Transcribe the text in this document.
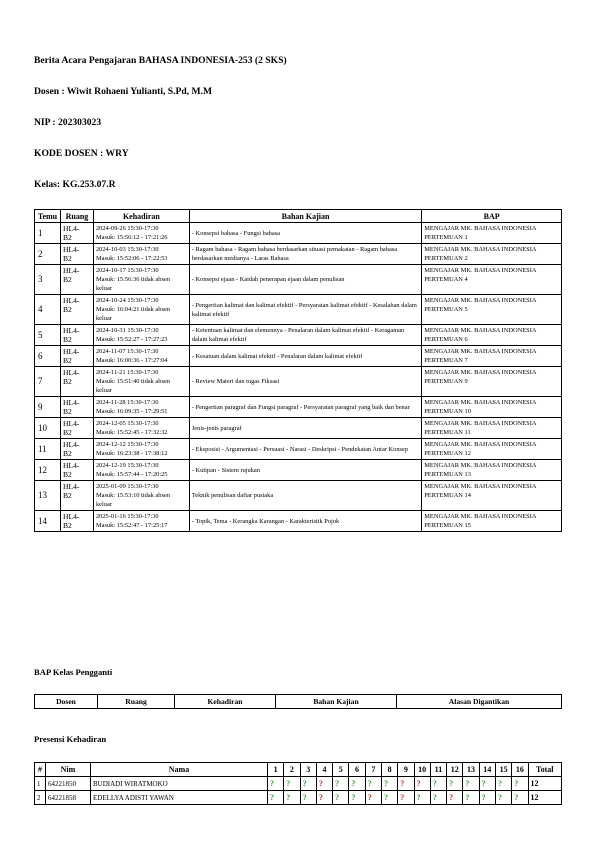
Berita Acara Pengajaran BAHASA INDONESIA-253 (2 SKS)
Dosen : Wiwit Rohaeni Yulianti, S.Pd, M.M
NIP : 202303023
KODE DOSEN : WRY
Kelas: KG.253.07.R
Temu	Ruang	Kehadiran	Bahan Kajian	BAP
1	HL4-
B2	2024-09-26 15:30-17:30
Masuk: 15:56:12 - 17:21:26	- Konsepsi bahasa - Fungsi bahasa	MENGAJAR MK. BAHASA INDONESIA
PERTEMUAN 1

2	HL4-
B2	2024-10-03 15:30-17:30
Masuk: 15:52:06 - 17:22:53	- Ragam bahasa - Ragam bahasa berdasarkan situasi pemakaian - Ragam bahasa berdasarkan medianya - Laras Bahasa	MENGAJAR MK. BAHASA INDONESIA
PERTEMUAN 2

3	HL4-
B2	2024-10-17 15:30-17:30
Masuk: 15:56:36 tidak absen keluar	- Konsepsi ejaan - Kaidah penerapan ejaan dalam penulisan	MENGAJAR MK. BAHASA INDONESIA
PERTEMUAN 4

4	HL4-
B2	2024-10-24 15:30-17:30
Masuk: 16:04:21 tidak absen keluar	- Pengertian kalimat dan kalimat efektif - Persyaratan kalimat efektif - Kesalahan dalam kalimat efektif	MENGAJAR MK. BAHASA INDONESIA
PERTEMUAN 5

5	HL4-
B2	2024-10-31 15:30-17:30
Masuk: 15:52:27 - 17:27:23	- Ketentuan kalimat dan elemennya - Penalaran dalam kalimat efektif - Keragaman dalam kalimat efektif	MENGAJAR MK. BAHASA INDONESIA
PERTEMUAN 6

6	HL4-
B2	2024-11-07 15:30-17:30
Masuk: 16:00:36 - 17:27:04	- Kesatuan dalam kalimat efektif - Penalaran dalam kalimat efektif	MENGAJAR MK. BAHASA INDONESIA
PERTEMUAN 7

7	HL4-
B2	2024-11-21 15:30-17:30
Masuk: 15:51:40 tidak absen keluar	- Review Materi dan tugas Fiksasi	MENGAJAR MK. BAHASA INDONESIA
PERTEMUAN 9

9	HL4-
B2	2024-11-28 15:30-17:30
Masuk: 16:09:35 - 17:29:51	- Pengertian paragraf dan Fungsi paragraf - Persyaratan paragraf yang baik dan benar	MENGAJAR MK. BAHASA INDONESIA
PERTEMUAN 10

10	HL4-
B2	2024-12-05 15:30-17:30
Masuk: 15:52:45 - 17:32:32	Jenis-jenis paragraf	MENGAJAR MK. BAHASA INDONESIA
PERTEMUAN 11

11	HL4-
B2	2024-12-12 15:30-17:30
Masuk: 16:23:38 - 17:38:12	- Eksposisi - Argumentasi - Persuasi - Narasi - Deskripsi - Pendekatan Antar Konsep	MENGAJAR MK. BAHASA INDONESIA
PERTEMUAN 12

12	HL4-
B2	2024-12-19 15:30-17:30
Masuk: 15:57:44 - 17:20:25	- Kutipan - Sistem rujukan	MENGAJAR MK. BAHASA INDONESIA
PERTEMUAN 13

13	HL4-
B2	2025-01-09 15:30-17:30
Masuk: 15:53:10 tidak absen keluar	Teknik penulisan daftar pustaka	MENGAJAR MK. BAHASA INDONESIA
PERTEMUAN 14

14	HL4-
B2	2025-01-16 15:30-17:30
Masuk: 15:52:47 - 17:25:17	- Topik, Tema - Kerangka Karangan - Karakteristik Pojok	MENGAJAR MK. BAHASA INDONESIA
PERTEMUAN 15
BAP Kelas Pengganti
Dosen	Ruang	Kehadiran	Bahan Kajian	Alasan Digantikan
Presensi Kehadiran
#	Nim	Nama	1	2	3	4	5	6	7	8	9	10	11	12	13	14	15	16	Total
1	64221850	BUDIADI WIRATMOKO	?	?	?	?	?	?	?	?	?	?	?	?	?	?	?	?	12
2	64221858	EDELLYA ADISTI YAWAN	?	?	?	?	?	?	?	?	?	?	?	?	?	?	?	?	12
